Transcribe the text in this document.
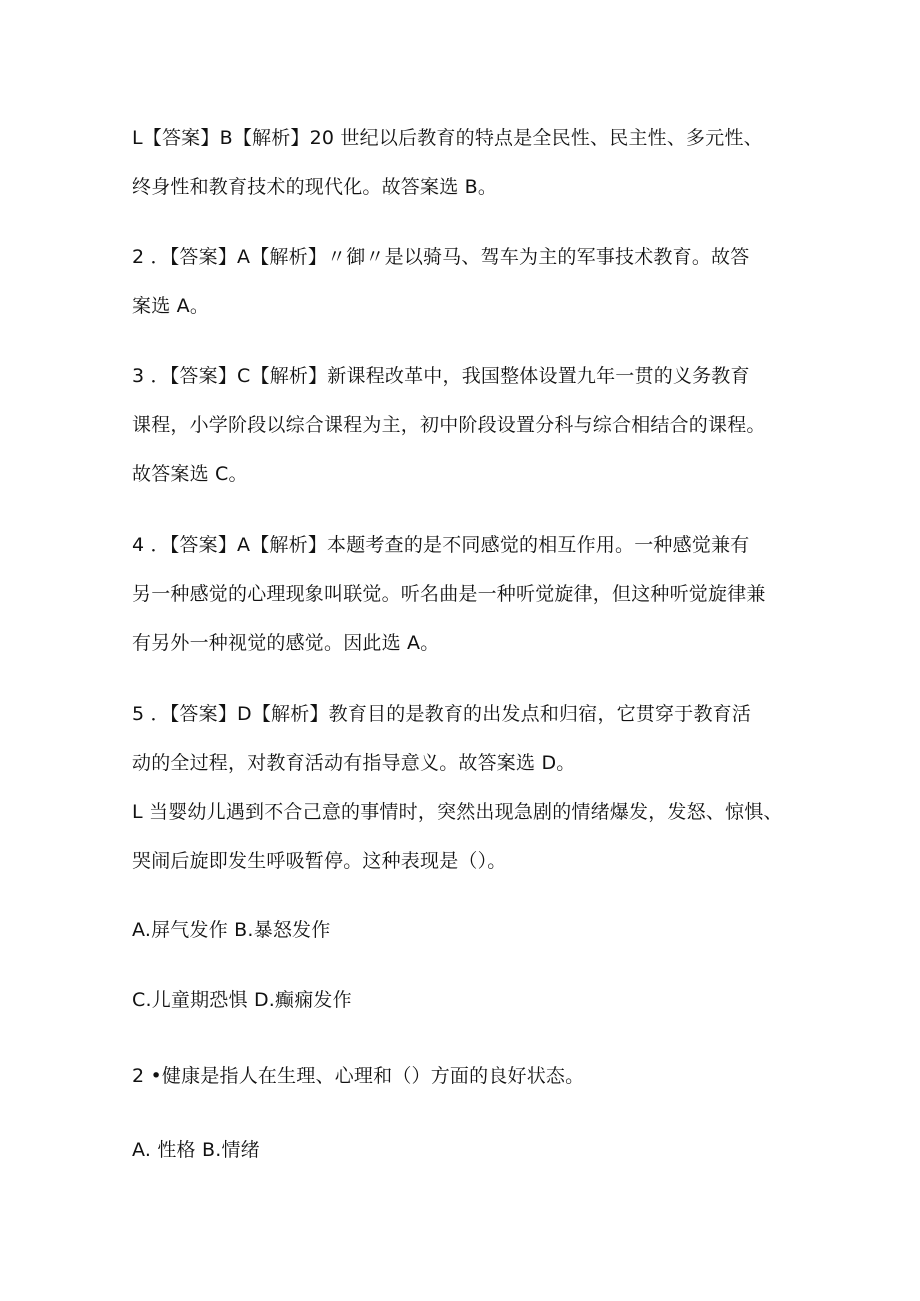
L【答案】B【解析】20 世纪以后教育的特点是全民性、民主性、多元性、
终身性和教育技术的现代化。故答案选 B。
2 ．【答案】A【解析】〃御〃是以骑马、驾车为主的军事技术教育。故答
案选 A。
3 ．【答案】C【解析】新课程改革中，我国整体设置九年一贯的义务教育
课程，小学阶段以综合课程为主，初中阶段设置分科与综合相结合的课程。
故答案选 C。
4 ．【答案】A【解析】本题考查的是不同感觉的相互作用。一种感觉兼有
另一种感觉的心理现象叫联觉。听名曲是一种听觉旋律，但这种听觉旋律兼
有另外一种视觉的感觉。因此选 A。
5 ．【答案】D【解析】教育目的是教育的出发点和归宿，它贯穿于教育活
动的全过程，对教育活动有指导意义。故答案选 D。
L 当婴幼儿遇到不合己意的事情时，突然出现急剧的情绪爆发，发怒、惊惧、
哭闹后旋即发生呼吸暂停。这种表现是（）。
A.屏气发作 B.暴怒发作
C.儿童期恐惧 D.癫痫发作
2 •健康是指人在生理、心理和（）方面的良好状态。
A. 性格 B.情绪
